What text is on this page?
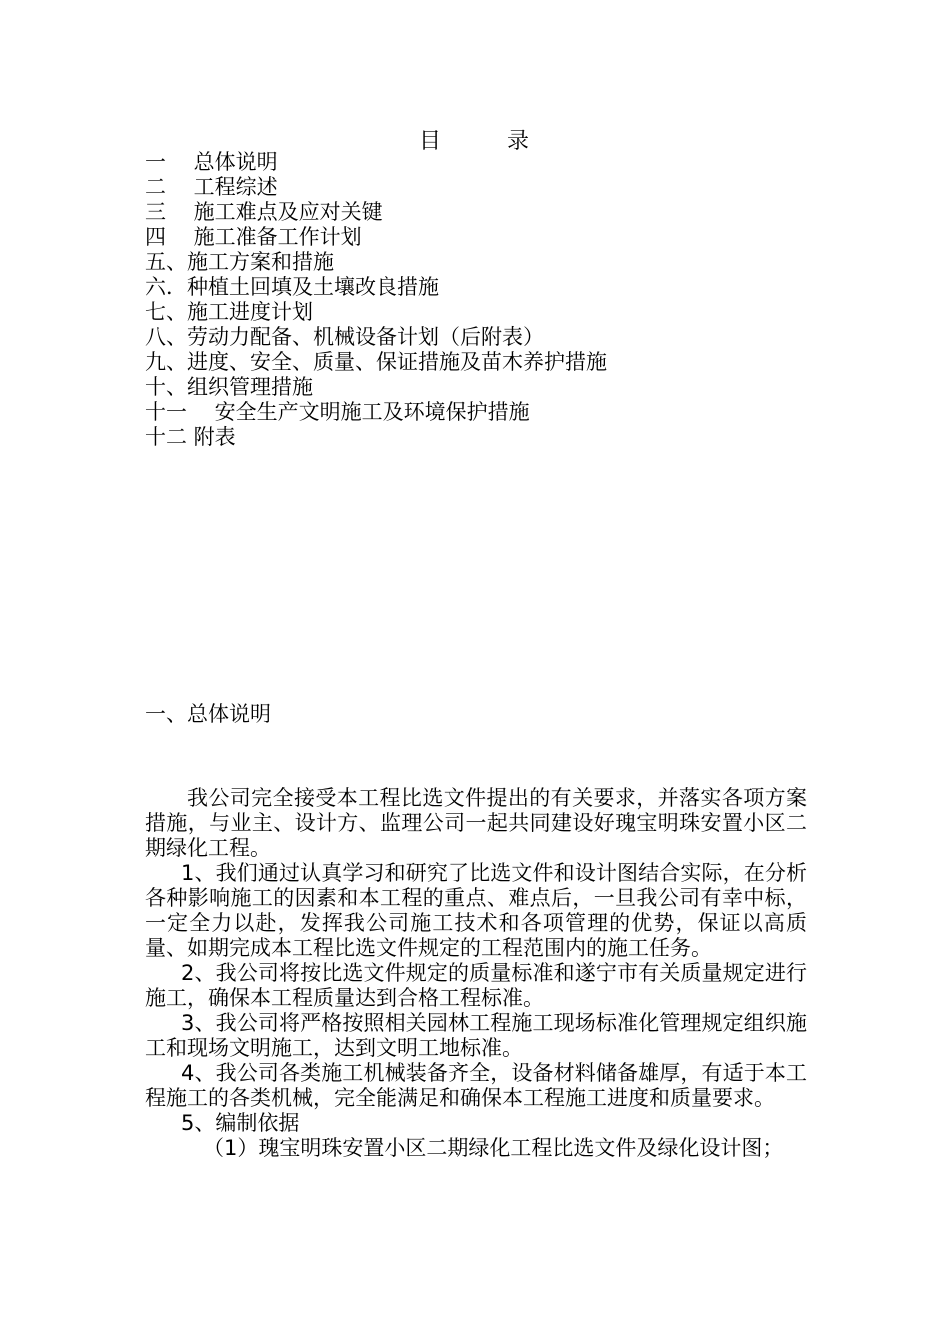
目	录
一　 总体说明
二　 工程综述
三　 施工难点及应对关键
四　 施工准备工作计划
五、施工方案和措施
六．种植土回填及土壤改良措施
七、施工进度计划
八、劳动力配备、机械设备计划（后附表）
九、进度、安全、质量、保证措施及苗木养护措施
十、组织管理措施
十一　 安全生产文明施工及环境保护措施
十二 附表
一、总体说明

我公司完全接受本工程比选文件提出的有关要求，并落实各项方案措施，与业主、设计方、监理公司一起共同建设好瑰宝明珠安置小区二期绿化工程。

1、我们通过认真学习和研究了比选文件和设计图结合实际，在分析各种影响施工的因素和本工程的重点、难点后，一旦我公司有幸中标，一定全力以赴，发挥我公司施工技术和各项管理的优势，保证以高质量、如期完成本工程比选文件规定的工程范围内的施工任务。

2、我公司将按比选文件规定的质量标准和遂宁市有关质量规定进行施工，确保本工程质量达到合格工程标准。

3、我公司将严格按照相关园林工程施工现场标准化管理规定组织施工和现场文明施工，达到文明工地标准。

4、我公司各类施工机械装备齐全，设备材料储备雄厚，有适于本工程施工的各类机械，完全能满足和确保本工程施工进度和质量要求。

5、编制依据

（1）瑰宝明珠安置小区二期绿化工程比选文件及绿化设计图；
